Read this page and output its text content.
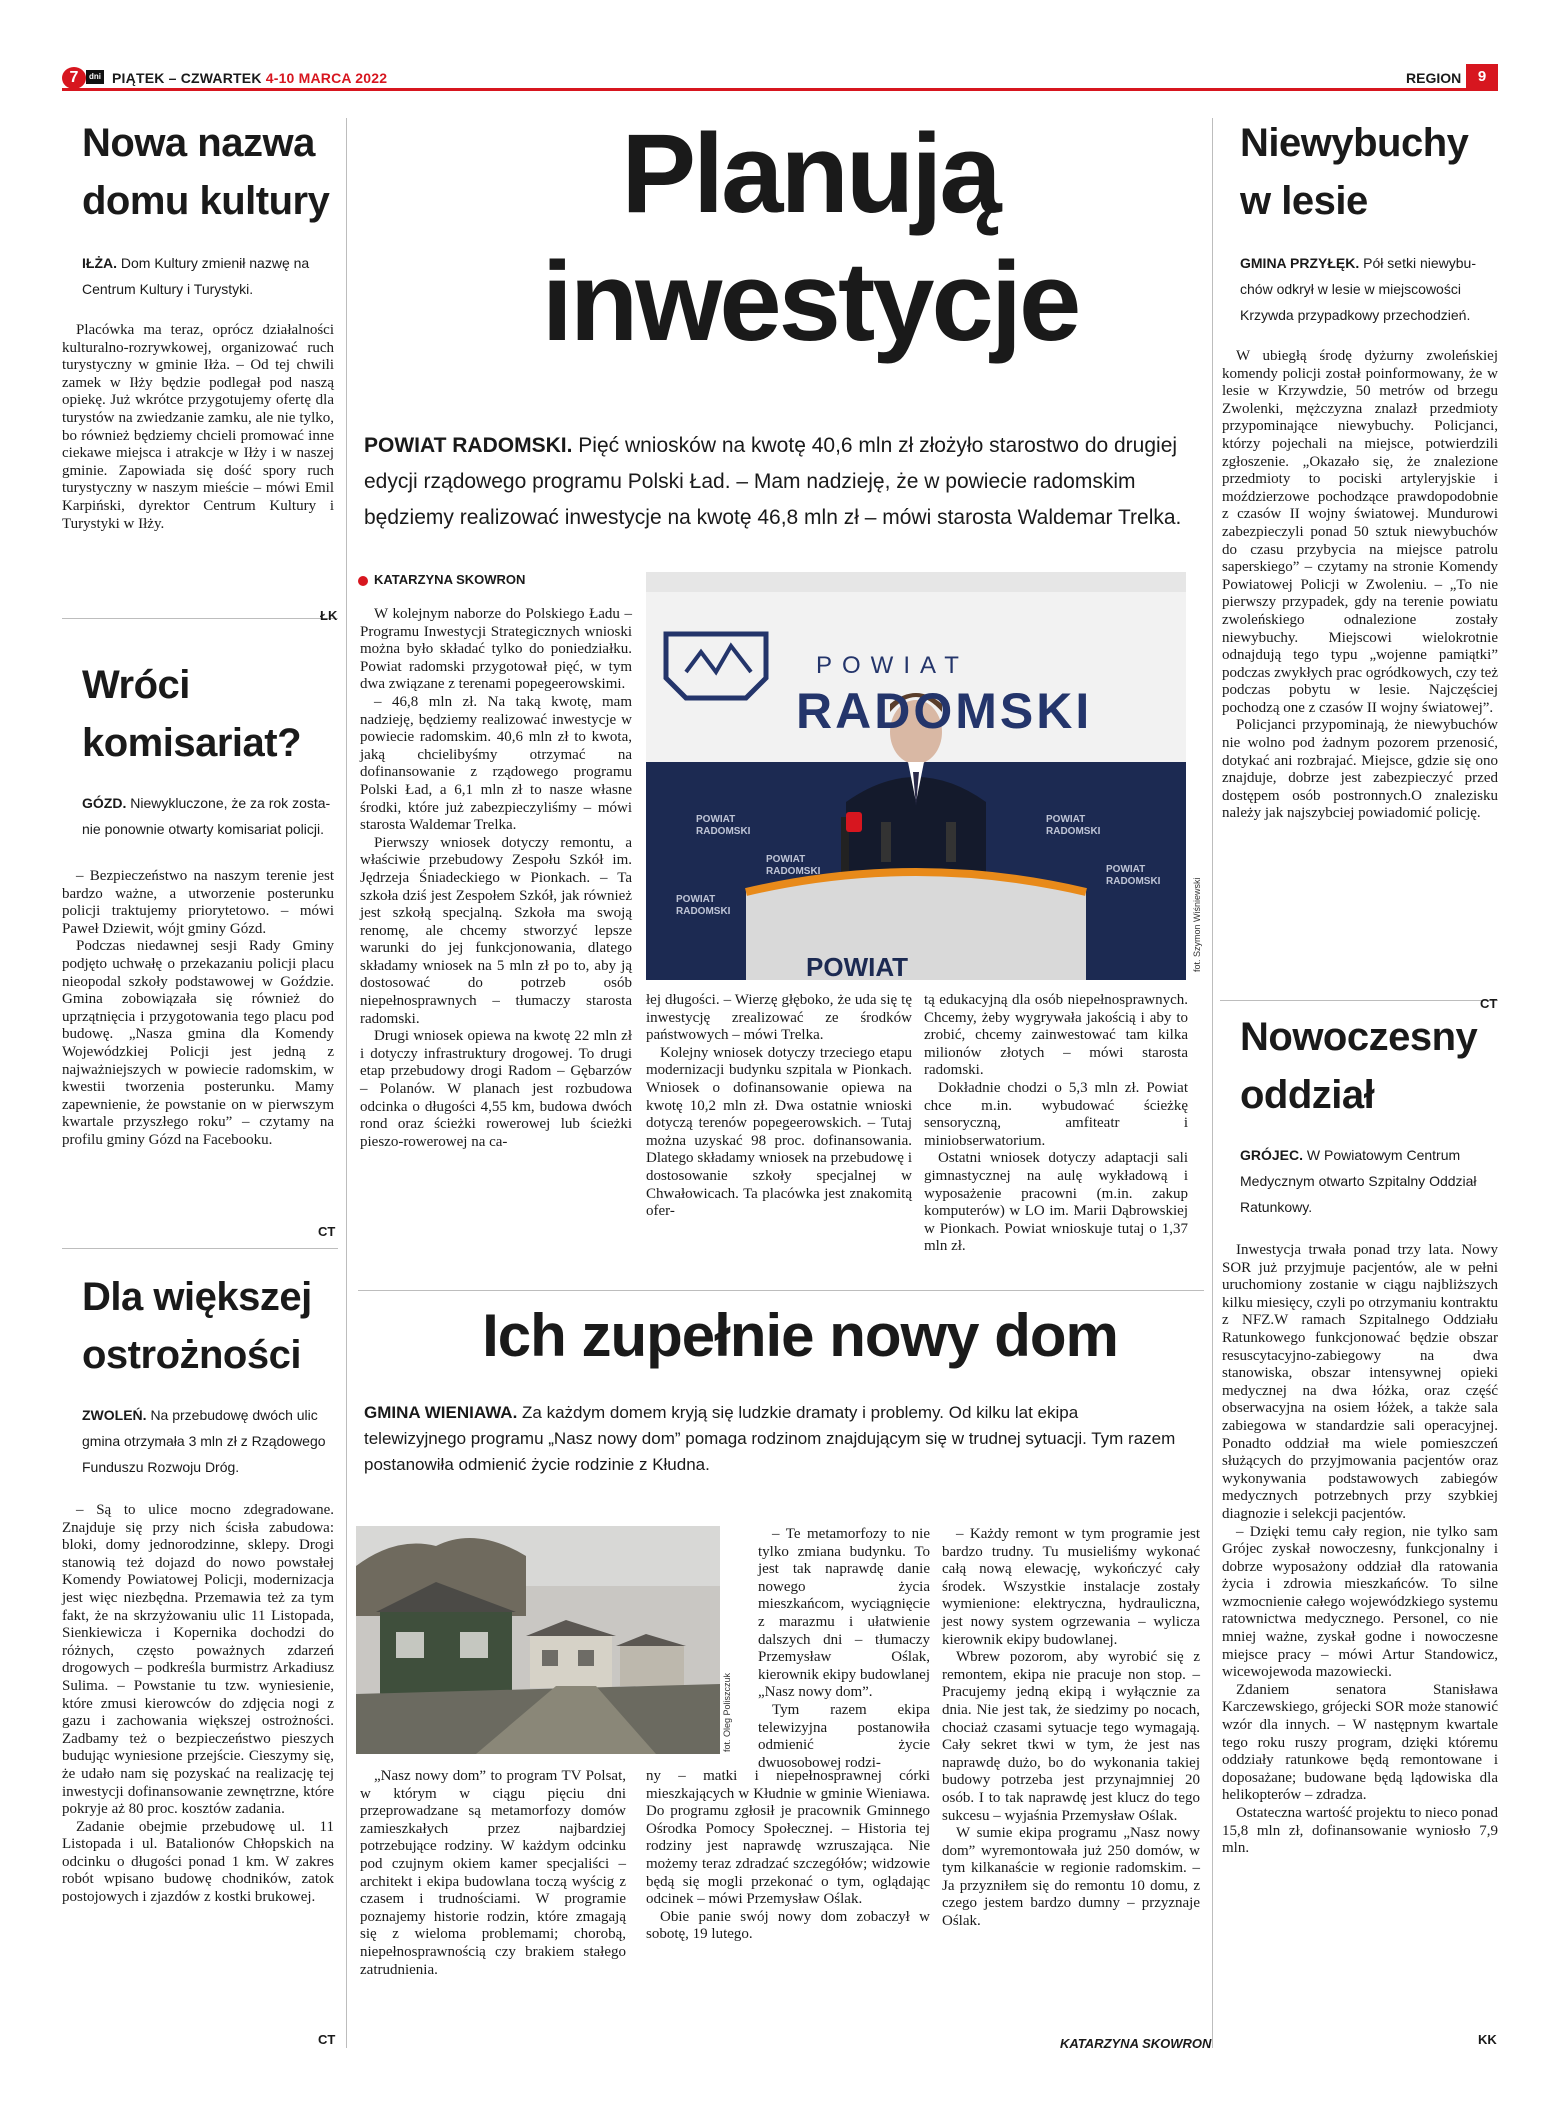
7	dni PIĄTEK – CZWARTEK 4-10 MARCA 2022	REGION	9
Nowa nazwa
domu kultury
IŁŻA. Dom Kultury zmienił nazwę na
Centrum Kultury i Turystyki.

Placówka ma teraz, oprócz działalności kulturalno-rozrywkowej, organizować ruch turystyczny w gminie Iłża. – Od tej chwili zamek w Iłży będzie podlegał pod naszą opiekę. Już wkrótce przygotujemy ofertę dla turystów na zwiedzanie zamku, ale nie tylko, bo również będziemy chcieli promować inne ciekawe miejsca i atrakcje w Iłży i w naszej gminie. Zapowiada się dość spory ruch turystyczny w naszym mieście – mówi Emil Karpiński, dyrektor Centrum Kultury i Turystyki w Iłży.

ŁK
Wróci
komisariat?
GÓZD. Niewykluczone, że za rok zosta-
nie ponownie otwarty komisariat policji.

– Bezpieczeństwo na naszym terenie jest bardzo ważne, a utworzenie posterunku policji traktujemy priorytetowo. – mówi Paweł Dziewit, wójt gminy Gózd.

Podczas niedawnej sesji Rady Gminy podjęto uchwałę o przekazaniu policji placu nieopodal szkoły podstawowej w Goździe. Gmina zobowiązała się również do uprzątnięcia i przygotowania tego placu pod budowę. „Nasza gmina dla Komendy Wojewódzkiej Policji jest jedną z najważniejszych w powiecie radomskim, w kwestii tworzenia posterunku. Mamy zapewnienie, że powstanie on w pierwszym kwartale przyszłego roku” – czytamy na profilu gminy Gózd na Facebooku.

CT
Dla większej
ostrożności
ZWOLEŃ. Na przebudowę dwóch ulic
gmina otrzymała 3 mln zł z Rządowego
Funduszu Rozwoju Dróg.

– Są to ulice mocno zdegradowane. Znajduje się przy nich ścisła zabudowa: bloki, domy jednorodzinne, sklepy. Drogi stanowią też dojazd do nowo powstałej Komendy Powiatowej Policji, modernizacja jest więc niezbędna. Przemawia też za tym fakt, że na skrzyżowaniu ulic 11 Listopada, Sienkiewicza i Kopernika dochodzi do różnych, często poważnych zdarzeń drogowych – podkreśla burmistrz Arkadiusz Sulima. – Powstanie tu tzw. wyniesienie, które zmusi kierowców do zdjęcia nogi z gazu i zachowania większej ostrożności. Zadbamy też o bezpieczeństwo pieszych budując wyniesione przejście. Cieszymy się, że udało nam się pozyskać na realizację tej inwestycji dofinansowanie zewnętrzne, które pokryje aż 80 proc. kosztów zadania.

Zadanie obejmie przebudowę ul. 11 Listopada i ul. Batalionów Chłopskich na odcinku o długości ponad 1 km. W zakres robót wpisano budowę chodników, zatok postojowych i zjazdów z kostki brukowej.

CT
Planują
inwestycje
POWIAT RADOMSKI. Pięć wniosków na kwotę 40,6 mln zł złożyło starostwo do drugiej edycji rządowego programu Polski Ład. – Mam nadzieję, że w powiecie radomskim będziemy realizować inwestycje na kwotę 46,8 mln zł – mówi starosta Waldemar Trelka.
KATARZYNA SKOWRON
POWIAT
RADOMSKI
POWIAT
RADOMSKI
POWIAT
RADOMSKI
POWIAT
RADOMSKI
POWIAT
RADOMSKI
POWIAT
POWIAT
RADOMSKI
fot. Szymon Wiśniewski

W kolejnym naborze do Polskiego Ładu – Programu Inwestycji Strategicznych wnioski można było składać tylko do poniedziałku. Powiat radomski przygotował pięć, w tym dwa związane z terenami popegeerowskimi.

– 46,8 mln zł. Na taką kwotę, mam nadzieję, będziemy realizować inwestycje w powiecie radomskim. 40,6 mln zł to kwota, jaką chcielibyśmy otrzymać na dofinansowanie z rządowego programu Polski Ład, a 6,1 mln zł to nasze własne środki, które już zabezpieczyliśmy – mówi starosta Waldemar Trelka.

Pierwszy wniosek dotyczy remontu, a właściwie przebudowy Zespołu Szkół im. Jędrzeja Śniadeckiego w Pionkach. – Ta szkoła dziś jest Zespołem Szkół, jak również jest szkołą specjalną. Szkoła ma swoją renomę, ale chcemy stworzyć lepsze warunki do jej funkcjonowania, dlatego składamy wniosek na 5 mln zł po to, aby ją dostosować do potrzeb osób niepełnosprawnych – tłumaczy starosta radomski.

Drugi wniosek opiewa na kwotę 22 mln zł i dotyczy infrastruktury drogowej. To drugi etap przebudowy drogi Radom – Gębarzów – Polanów. W planach jest rozbudowa odcinka o długości 4,55 km, budowa dwóch rond oraz ścieżki rowerowej lub ścieżki pieszo-rowerowej na ca-

łej długości. – Wierzę głęboko, że uda się tę inwestycję zrealizować ze środków państwowych – mówi Trelka.

Kolejny wniosek dotyczy trzeciego etapu modernizacji budynku szpitala w Pionkach. Wniosek o dofinansowanie opiewa na kwotę 10,2 mln zł. Dwa ostatnie wnioski dotyczą terenów popegeerowskich. – Tutaj można uzyskać 98 proc. dofinansowania. Dlatego składamy wniosek na przebudowę i dostosowanie szkoły specjalnej w Chwałowicach. Ta placówka jest znakomitą ofer-

tą edukacyjną dla osób niepełnosprawnych. Chcemy, żeby wygrywała jakością i aby to zrobić, chcemy zainwestować tam kilka milionów złotych – mówi starosta radomski.

Dokładnie chodzi o 5,3 mln zł. Powiat chce m.in. wybudować ścieżkę sensoryczną, amfiteatr i miniobserwatorium.

Ostatni wniosek dotyczy adaptacji sali gimnastycznej na aulę wykładową i wyposażenie pracowni (m.in. zakup komputerów) w LO im. Marii Dąbrowskiej w Pionkach. Powiat wnioskuje tutaj o 1,37 mln zł.

Ich zupełnie nowy dom
GMINA WIENIAWA. Za każdym domem kryją się ludzkie dramaty i problemy. Od kilku lat ekipa telewizyjnego programu „Nasz nowy dom” pomaga rodzinom znajdującym się w trudnej sytuacji. Tym razem postanowiła odmienić życie rodzinie z Kłudna.
fot. Oleg Poliszczuk

„Nasz nowy dom” to program TV Polsat, w którym w ciągu pięciu dni przeprowadzane są metamorfozy domów zamieszkałych przez najbardziej potrzebujące rodziny. W każdym odcinku pod czujnym okiem kamer specjaliści – architekt i ekipa budowlana toczą wyścig z czasem i trudnościami. W programie poznajemy historie rodzin, które zmagają się z wieloma problemami; chorobą, niepełnosprawnością czy brakiem stałego zatrudnienia.

– Te metamorfozy to nie tylko zmiana budynku. To jest tak naprawdę danie nowego życia mieszkańcom, wyciągnięcie z marazmu i ułatwienie dalszych dni – tłumaczy Przemysław Oślak, kierownik ekipy budowlanej „Nasz nowy dom”.

Tym razem ekipa telewizyjna postanowiła odmienić życie dwuosobowej rodzi-

ny – matki i niepełnosprawnej córki mieszkających w Kłudnie w gminie Wieniawa. Do programu zgłosił je pracownik Gminnego Ośrodka Pomocy Społecznej. – Historia tej rodziny jest naprawdę wzruszająca. Nie możemy teraz zdradzać szczegółów; widzowie będą się mogli przekonać o tym, oglądając odcinek – mówi Przemysław Oślak.

Obie panie swój nowy dom zobaczył w sobotę, 19 lutego.

– Każdy remont w tym programie jest bardzo trudny. Tu musieliśmy wykonać całą nową elewację, wykończyć cały środek. Wszystkie instalacje zostały wymienione: elektryczna, hydrauliczna, jest nowy system ogrzewania – wylicza kierownik ekipy budowlanej.

Wbrew pozorom, aby wyrobić się z remontem, ekipa nie pracuje non stop. – Pracujemy jedną ekipą i wyłącznie za dnia. Nie jest tak, że siedzimy po nocach, chociaż czasami sytuacje tego wymagają. Cały sekret tkwi w tym, że jest nas naprawdę dużo, bo do wykonania takiej budowy potrzeba jest przynajmniej 20 osób. I to tak naprawdę jest klucz do tego sukcesu – wyjaśnia Przemysław Oślak.

W sumie ekipa programu „Nasz nowy dom” wyremontowała już 250 domów, w tym kilkanaście w regionie radomskim. – Ja przyzniłem się do remontu 10 domu, z czego jestem bardzo dumny – przyznaje Oślak.

KATARZYNA SKOWRON
Niewybuchy
w lesie
GMINA PRZYŁĘK. Pół setki niewybu-
chów odkrył w lesie w miejscowości
Krzywda przypadkowy przechodzień.

W ubiegłą środę dyżurny zwoleńskiej komendy policji został poinformowany, że w lesie w Krzywdzie, 50 metrów od brzegu Zwolenki, mężczyzna znalazł przedmioty przypominające niewybuchy. Policjanci, którzy pojechali na miejsce, potwierdzili zgłoszenie. „Okazało się, że znalezione przedmioty to pociski artyleryjskie i moździerzowe pochodzące prawdopodobnie z czasów II wojny światowej. Mundurowi zabezpieczyli ponad 50 sztuk niewybuchów do czasu przybycia na miejsce patrolu saperskiego” – czytamy na stronie Komendy Powiatowej Policji w Zwoleniu. – „To nie pierwszy przypadek, gdy na terenie powiatu zwoleńskiego odnalezione zostały niewybuchy. Miejscowi wielokrotnie odnajdują tego typu „wojenne pamiątki” podczas zwykłych prac ogródkowych, czy też podczas pobytu w lesie. Najczęściej pochodzą one z czasów II wojny światowej”.

Policjanci przypominają, że niewybuchów nie wolno pod żadnym pozorem przenosić, dotykać ani rozbrajać. Miejsce, gdzie się ono znajduje, dobrze jest zabezpieczyć przed dostępem osób postronnych.O znalezisku należy jak najszybciej powiadomić policję.

CT
Nowoczesny
oddział
GRÓJEC. W Powiatowym Centrum
Medycznym otwarto Szpitalny Oddział
Ratunkowy.

Inwestycja trwała ponad trzy lata. Nowy SOR już przyjmuje pacjentów, ale w pełni uruchomiony zostanie w ciągu najbliższych kilku miesięcy, czyli po otrzymaniu kontraktu z NFZ.W ramach Szpitalnego Oddziału Ratunkowego funkcjonować będzie obszar resuscytacyjno-zabiegowy na dwa stanowiska, obszar intensywnej opieki medycznej na dwa łóżka, oraz część obserwacyjna na osiem łóżek, a także sala zabiegowa w standardzie sali operacyjnej. Ponadto oddział ma wiele pomieszczeń służących do przyjmowania pacjentów oraz wykonywania podstawowych zabiegów medycznych potrzebnych przy szybkiej diagnozie i selekcji pacjentów.

– Dzięki temu cały region, nie tylko sam Grójec zyskał nowoczesny, funkcjonalny i dobrze wyposażony oddział dla ratowania życia i zdrowia mieszkańców. To silne wzmocnienie całego wojewódzkiego systemu ratownictwa medycznego. Personel, co nie mniej ważne, zyskał godne i nowoczesne miejsce pracy – mówi Artur Standowicz, wicewojewoda mazowiecki.

Zdaniem senatora Stanisława Karczewskiego, grójecki SOR może stanowić wzór dla innych. – W następnym kwartale tego roku ruszy program, dzięki któremu oddziały ratunkowe będą remontowane i doposażane; budowane będą lądowiska dla helikopterów – zdradza.

Ostateczna wartość projektu to nieco ponad 15,8 mln zł, dofinansowanie wyniosło 7,9 mln.

KK
